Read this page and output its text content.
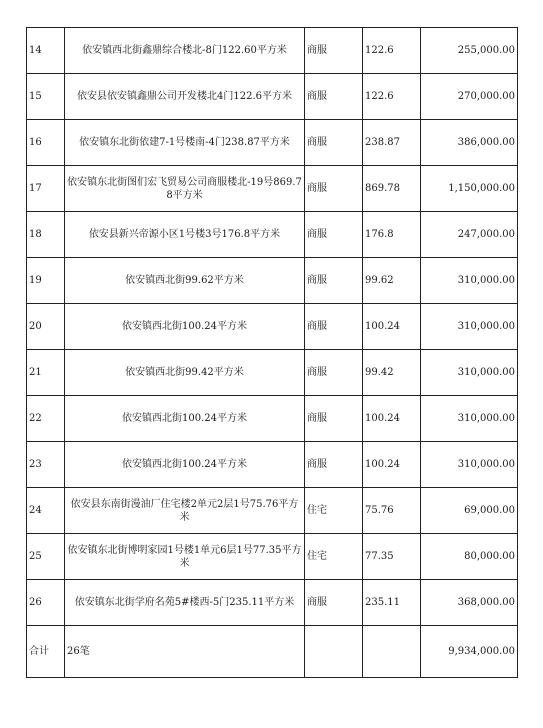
14	依安镇西北街鑫鼎综合楼北-8门122.60平方米	商服	122.6	255,000.00
15	依安县依安镇鑫鼎公司开发楼北4门122.6平方米	商服	122.6	270,000.00
16	依安镇东北街依建7-1号楼南-4门238.87平方米	商服	238.87	386,000.00
17	依安镇东北街图们宏飞贸易公司商服楼北-19号869.78平方米	商服	869.78	1,150,000.00
18	依安县新兴帝源小区1号楼3号176.8平方米	商服	176.8	247,000.00
19	依安镇西北街99.62平方米	商服	99.62	310,000.00
20	依安镇西北街100.24平方米	商服	100.24	310,000.00
21	依安镇西北街99.42平方米	商服	99.42	310,000.00
22	依安镇西北街100.24平方米	商服	100.24	310,000.00
23	依安镇西北街100.24平方米	商服	100.24	310,000.00
24	依安县东南街漫油厂住宅楼2单元2层1号75.76平方米	住宅	75.76	69,000.00
25	依安镇东北街博明家园1号楼1单元6层1号77.35平方米	住宅	77.35	80,000.00
26	依安镇东北街学府名苑5#楼西-5门235.11平方米	商服	235.11	368,000.00
合计	26笔			9,934,000.00
